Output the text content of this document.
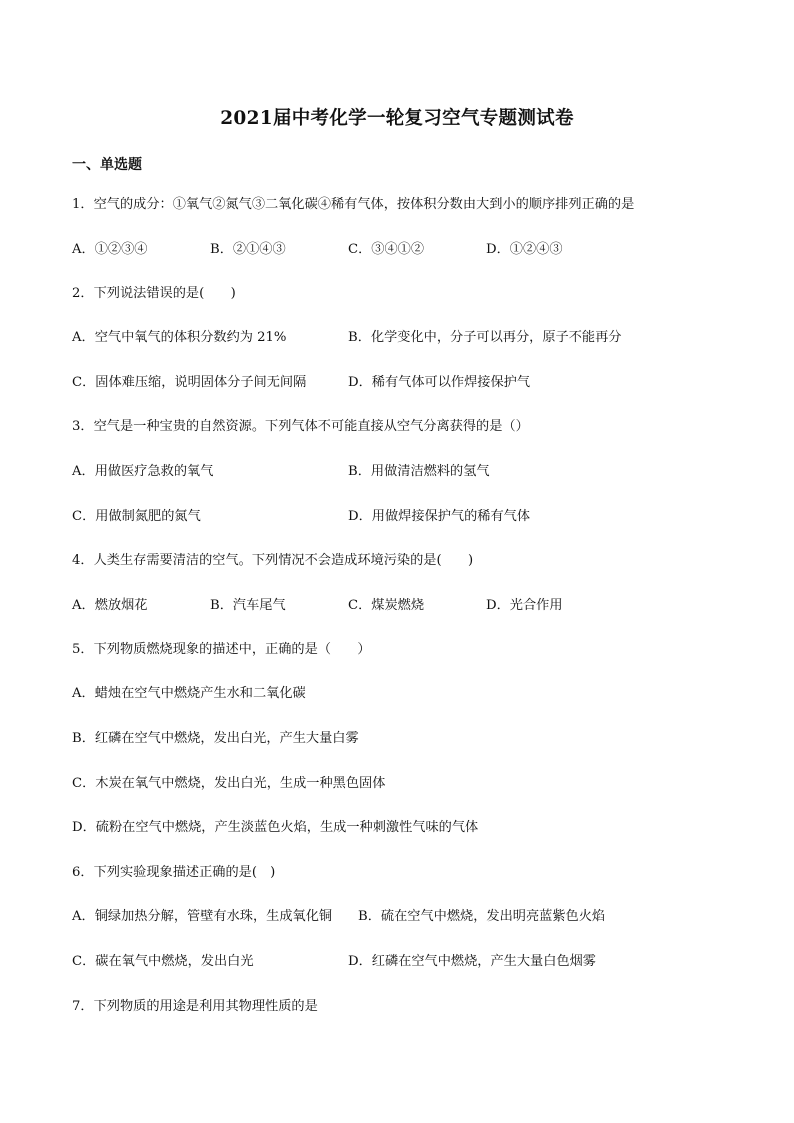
2021届中考化学一轮复习空气专题测试卷
一、单选题
1．空气的成分：①氧气②氮气③二氧化碳④稀有气体，按体积分数由大到小的顺序排列正确的是
A．①②③④	B．②①④③	C．③④①②	D．①②④③
2．下列说法错误的是(　　)
A．空气中氧气的体积分数约为 21%	B．化学变化中，分子可以再分，原子不能再分
C．固体难压缩，说明固体分子间无间隔	D．稀有气体可以作焊接保护气
3．空气是一种宝贵的自然资源。下列气体不可能直接从空气分离获得的是（）
A．用做医疗急救的氧气	B．用做清洁燃料的氢气
C．用做制氮肥的氮气	D．用做焊接保护气的稀有气体
4．人类生存需要清洁的空气。下列情况不会造成环境污染的是(　　)
A．燃放烟花	B．汽车尾气	C．煤炭燃烧	D．光合作用
5．下列物质燃烧现象的描述中，正确的是（　　）
A．蜡烛在空气中燃烧产生水和二氧化碳
B．红磷在空气中燃烧，发出白光，产生大量白雾
C．木炭在氧气中燃烧，发出白光，生成一种黑色固体
D．硫粉在空气中燃烧，产生淡蓝色火焰，生成一种刺激性气味的气体
6．下列实验现象描述正确的是(　)
A．铜绿加热分解，管壁有水珠，生成氧化铜 B．硫在空气中燃烧，发出明亮蓝紫色火焰
C．碳在氧气中燃烧，发出白光	D．红磷在空气中燃烧，产生大量白色烟雾
7．下列物质的用途是利用其物理性质的是
